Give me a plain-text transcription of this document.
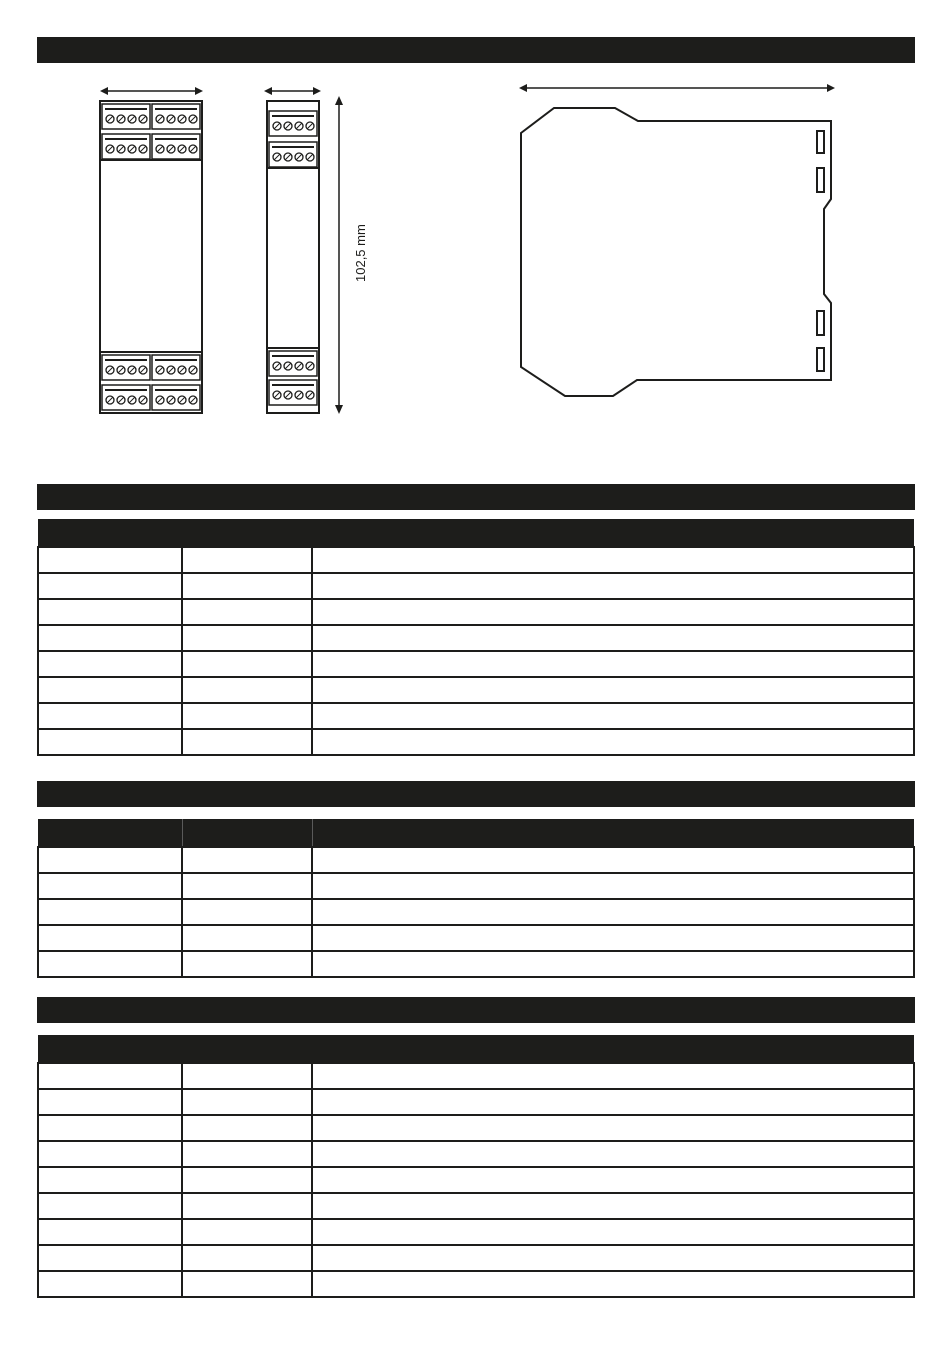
102,5 mm
